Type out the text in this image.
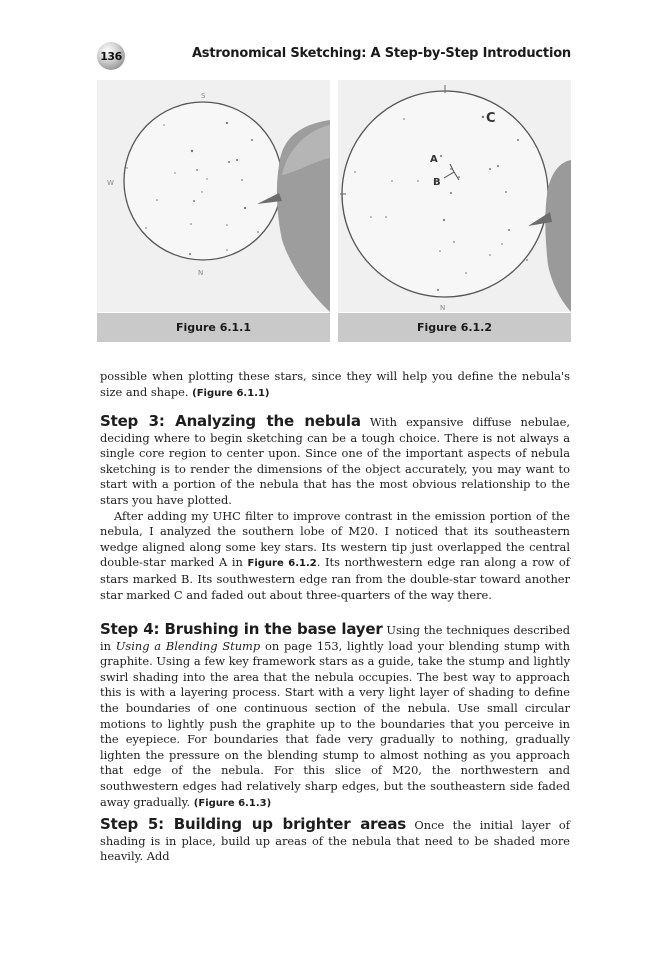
136	Astronomical Sketching: A Step-by-Step Introduction
S
W
N
Figure 6.1.1
N
C
A
B
Figure 6.1.2

possible when plotting these stars, since they will help you define the nebula's size and shape. (Figure 6.1.1)

Step 3: Analyzing the nebula With expansive diffuse nebulae, deciding where to begin sketching can be a tough choice. There is not always a single core region to center upon. Since one of the important aspects of nebula sketching is to render the dimensions of the object accurately, you may want to start with a portion of the nebula that has the most obvious relationship to the stars you have plotted.

After adding my UHC filter to improve contrast in the emission portion of the nebula, I analyzed the southern lobe of M20. I noticed that its southeastern wedge aligned along some key stars. Its western tip just overlapped the central double-star marked A in Figure 6.1.2. Its northwestern edge ran along a row of stars marked B. Its southwestern edge ran from the double-star toward another star marked C and faded out about three-quarters of the way there.

Step 4: Brushing in the base layer Using the techniques described in Using a Blending Stump on page 153, lightly load your blending stump with graphite. Using a few key framework stars as a guide, take the stump and lightly swirl shading into the area that the nebula occupies. The best way to approach this is with a layering process. Start with a very light layer of shading to define the boundaries of one continuous section of the nebula. Use small circular motions to lightly push the graphite up to the boundaries that you perceive in the eyepiece. For boundaries that fade very gradually to nothing, gradually lighten the pressure on the blending stump to almost nothing as you approach that edge of the nebula. For this slice of M20, the northwestern and southwestern edges had relatively sharp edges, but the southeastern side faded away gradually. (Figure 6.1.3)

Step 5: Building up brighter areas Once the initial layer of shading is in place, build up areas of the nebula that need to be shaded more heavily. Add
